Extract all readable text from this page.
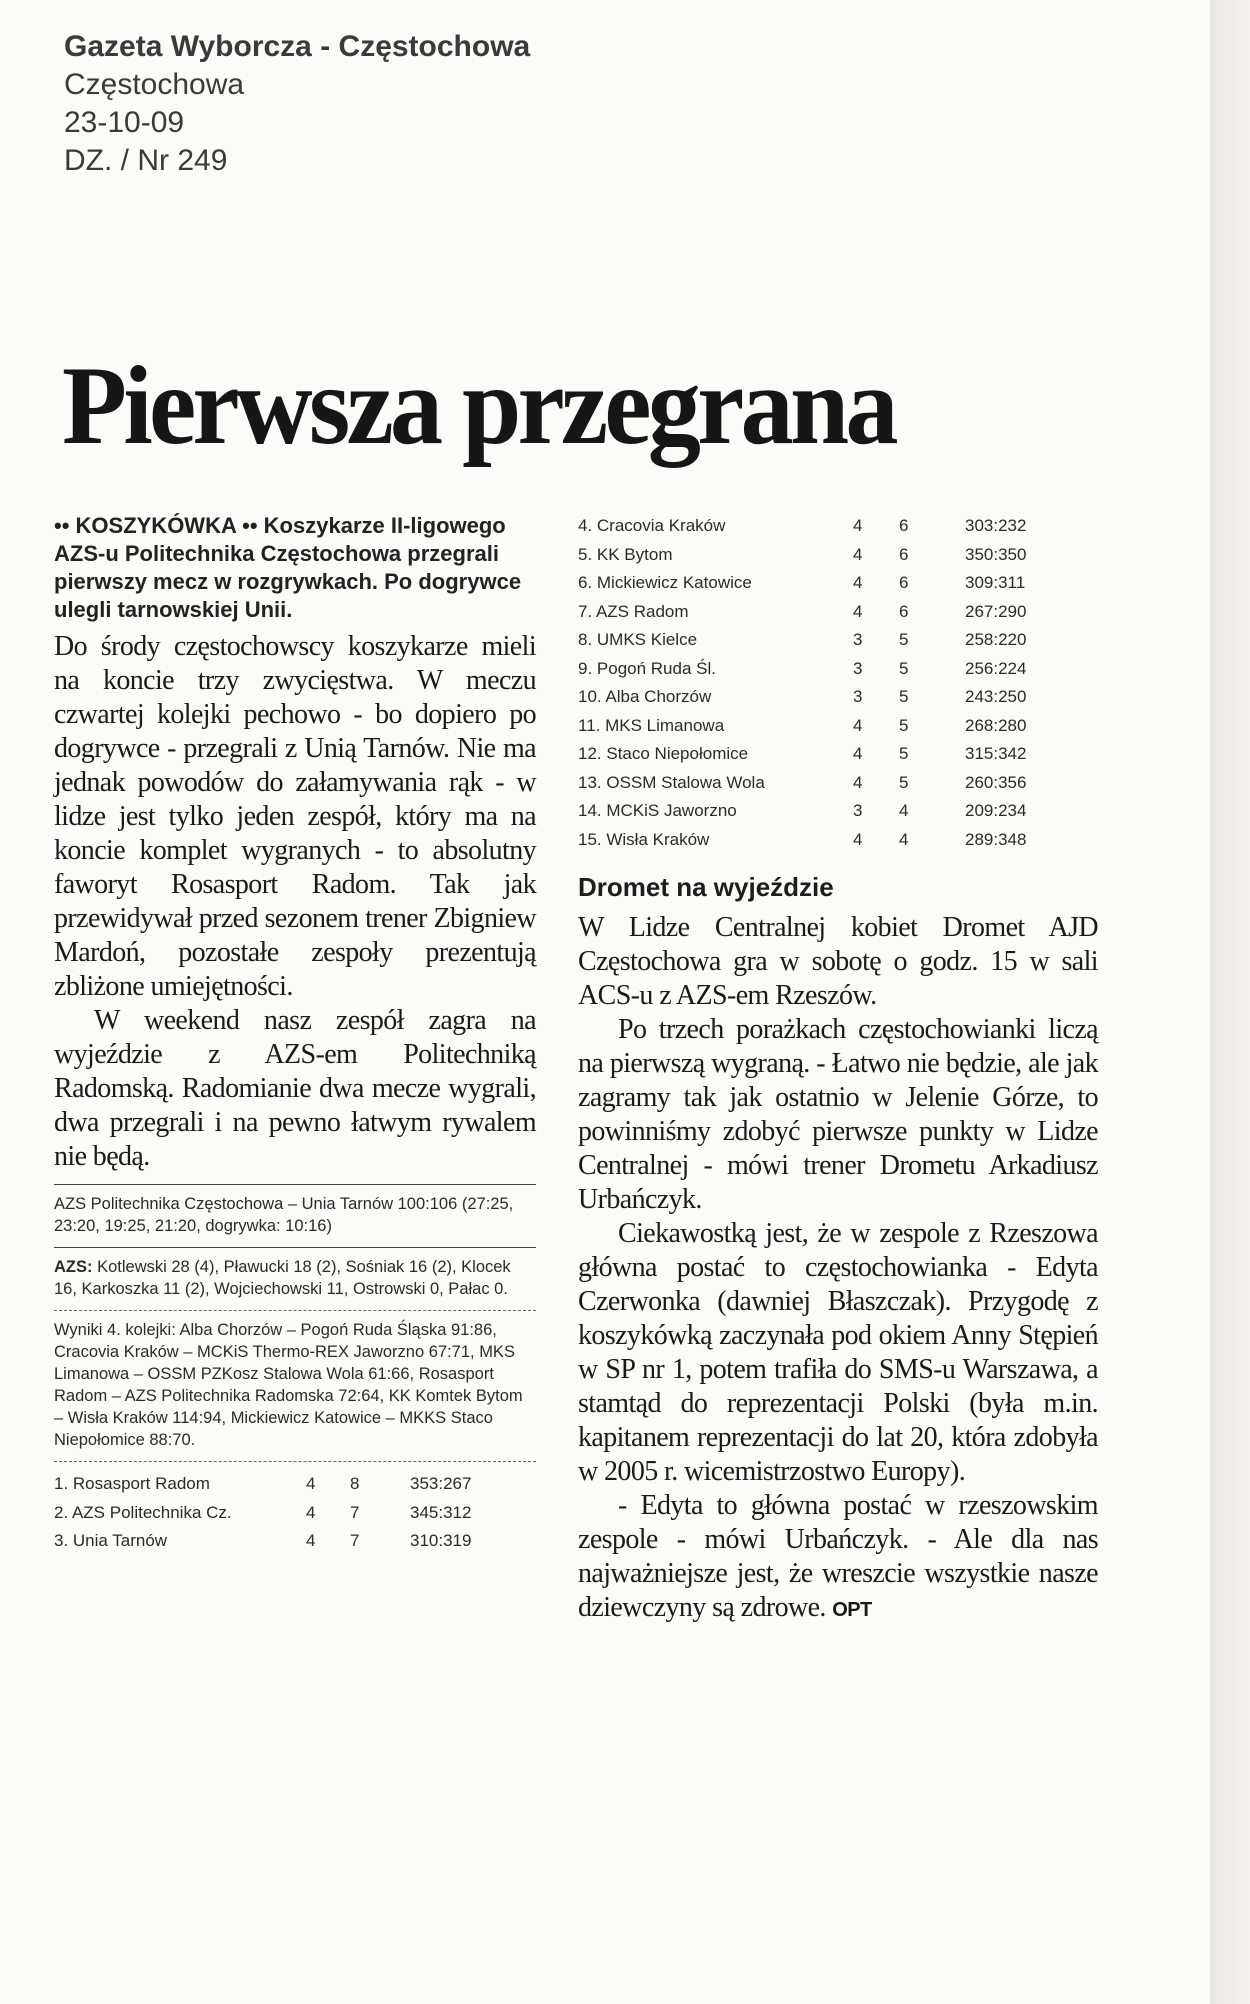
Gazeta Wyborcza - Częstochowa
Częstochowa
23-10-09
DZ. / Nr 249
Pierwsza przegrana

•• KOSZYKÓWKA •• Koszykarze II-ligowego AZS-u Politechnika Częstochowa przegrali pierwszy mecz w rozgrywkach. Po dogrywce ulegli tarnowskiej Unii.

Do środy częstochowscy koszykarze mieli na koncie trzy zwycięstwa. W meczu czwartej kolejki pechowo - bo dopiero po dogrywce - przegrali z Unią Tarnów. Nie ma jednak powodów do załamywania rąk - w lidze jest tylko jeden zespół, który ma na koncie komplet wygranych - to absolutny faworyt Rosasport Radom. Tak jak przewidywał przed sezonem trener Zbigniew Mardoń, pozostałe zespoły prezentują zbliżone umiejętności.

W weekend nasz zespół zagra na wyjeździe z AZS-em Politechniką Radomską. Radomianie dwa mecze wygrali, dwa przegrali i na pewno łatwym rywalem nie będą.

AZS Politechnika Częstochowa – Unia Tarnów 100:106 (27:25, 23:20, 19:25, 21:20, dogrywka: 10:16)

AZS: Kotlewski 28 (4), Pławucki 18 (2), Sośniak 16 (2), Klocek 16, Karkoszka 11 (2), Wojciechowski 11, Ostrowski 0, Pałac 0.

Wyniki 4. kolejki: Alba Chorzów – Pogoń Ruda Śląska 91:86, Cracovia Kraków – MCKiS Thermo-REX Jaworzno 67:71, MKS Limanowa – OSSM PZKosz Stalowa Wola 61:66, Rosasport Radom – AZS Politechnika Radomska 72:64, KK Komtek Bytom – Wisła Kraków 114:94, Mickiewicz Katowice – MKKS Staco Niepołomice 88:70.

1. Rosasport Radom	4	8	353:267
2. AZS Politechnika Cz.	4	7	345:312
3. Unia Tarnów	4	7	310:319
4. Cracovia Kraków	4	6	303:232
5. KK Bytom	4	6	350:350
6. Mickiewicz Katowice	4	6	309:311
7. AZS Radom	4	6	267:290
8. UMKS Kielce	3	5	258:220
9. Pogoń Ruda Śl.	3	5	256:224
10. Alba Chorzów	3	5	243:250
11. MKS Limanowa	4	5	268:280
12. Staco Niepołomice	4	5	315:342
13. OSSM Stalowa Wola	4	5	260:356
14. MCKiS Jaworzno	3	4	209:234
15. Wisła Kraków	4	4	289:348
Dromet na wyjeździe

W Lidze Centralnej kobiet Dromet AJD Częstochowa gra w sobotę o godz. 15 w sali ACS-u z AZS-em Rzeszów.

Po trzech porażkach częstochowianki liczą na pierwszą wygraną. - Łatwo nie będzie, ale jak zagramy tak jak ostatnio w Jelenie Górze, to powinniśmy zdobyć pierwsze punkty w Lidze Centralnej - mówi trener Drometu Arkadiusz Urbańczyk.

Ciekawostką jest, że w zespole z Rzeszowa główna postać to częstochowianka - Edyta Czerwonka (dawniej Błaszczak). Przygodę z koszykówką zaczynała pod okiem Anny Stępień w SP nr 1, potem trafiła do SMS-u Warszawa, a stamtąd do reprezentacji Polski (była m.in. kapitanem reprezentacji do lat 20, która zdobyła w 2005 r. wicemistrzostwo Europy).

- Edyta to główna postać w rzeszowskim zespole - mówi Urbańczyk. - Ale dla nas najważniejsze jest, że wreszcie wszystkie nasze dziewczyny są zdrowe. OPT
